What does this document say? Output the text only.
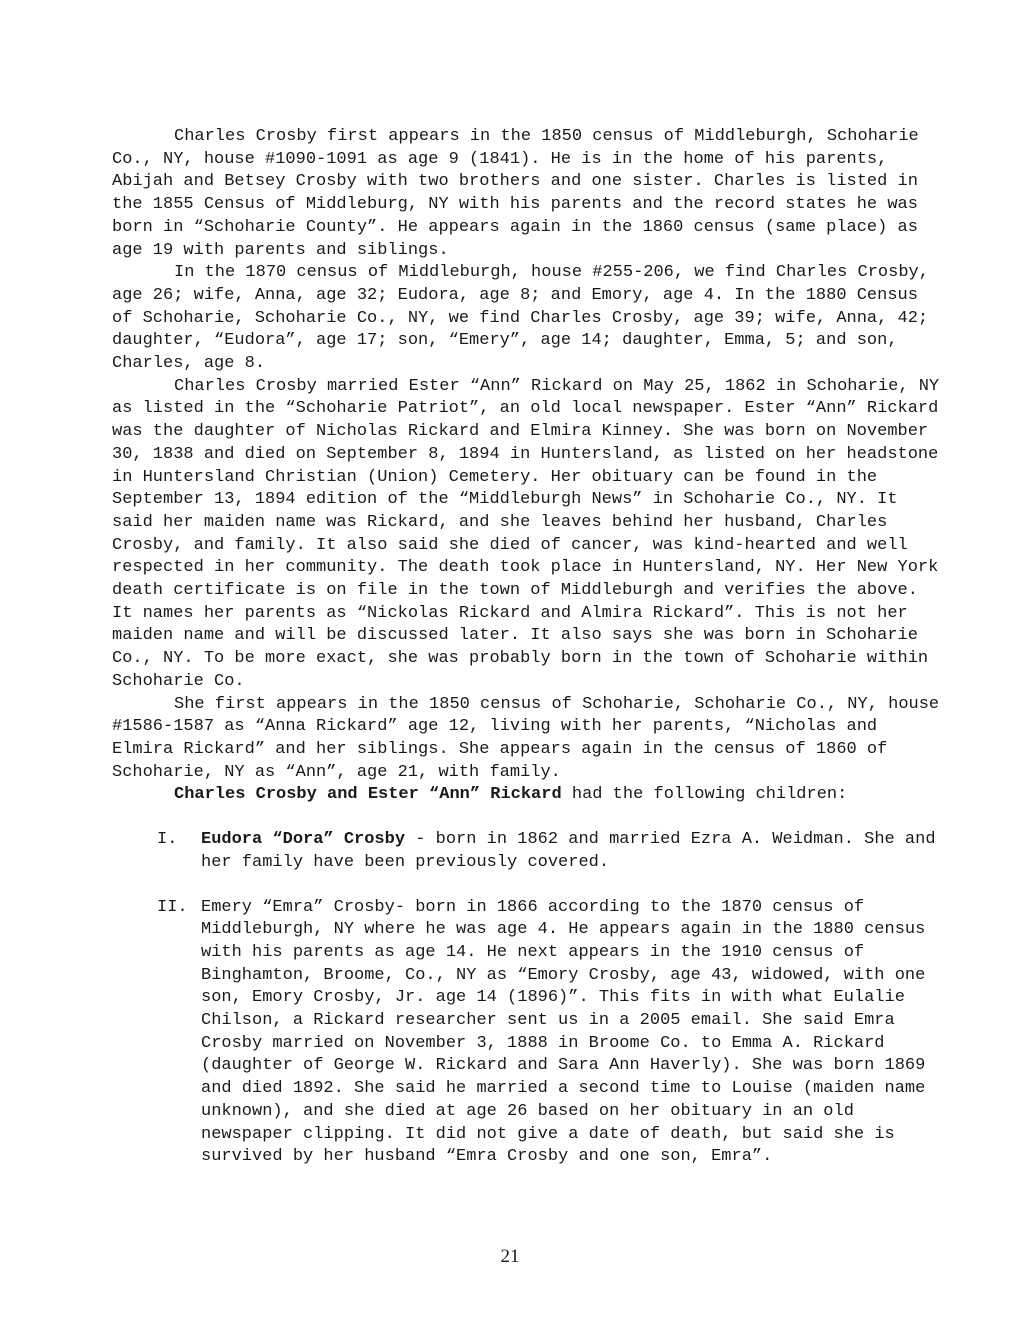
Charles Crosby first appears in the 1850 census of Middleburgh, Schoharie Co., NY, house #1090-1091 as age 9 (1841). He is in the home of his parents, Abijah and Betsey Crosby with two brothers and one sister. Charles is listed in the 1855 Census of Middleburg, NY with his parents and the record states he was born in “Schoharie County”. He appears again in the 1860 census (same place) as age 19 with parents and siblings.

In the 1870 census of Middleburgh, house #255-206, we find Charles Crosby, age 26; wife, Anna, age 32; Eudora, age 8; and Emory, age 4. In the 1880 Census of Schoharie, Schoharie Co., NY, we find Charles Crosby, age 39; wife, Anna, 42; daughter, “Eudora”, age 17; son, “Emery”, age 14; daughter, Emma, 5; and son, Charles, age 8.

Charles Crosby married Ester “Ann” Rickard on May 25, 1862 in Schoharie, NY as listed in the “Schoharie Patriot”, an old local newspaper. Ester “Ann” Rickard was the daughter of Nicholas Rickard and Elmira Kinney. She was born on November 30, 1838 and died on September 8, 1894 in Huntersland, as listed on her headstone in Huntersland Christian (Union) Cemetery. Her obituary can be found in the September 13, 1894 edition of the “Middleburgh News” in Schoharie Co., NY. It said her maiden name was Rickard, and she leaves behind her husband, Charles Crosby, and family. It also said she died of cancer, was kind-hearted and well respected in her community. The death took place in Huntersland, NY. Her New York death certificate is on file in the town of Middleburgh and verifies the above. It names her parents as “Nickolas Rickard and Almira Rickard”. This is not her maiden name and will be discussed later. It also says she was born in Schoharie Co., NY. To be more exact, she was probably born in the town of Schoharie within Schoharie Co.

She first appears in the 1850 census of Schoharie, Schoharie Co., NY, house #1586-1587 as “Anna Rickard” age 12, living with her parents, “Nicholas and Elmira Rickard” and her siblings. She appears again in the census of 1860 of Schoharie, NY as “Ann”, age 21, with family.

Charles Crosby and Ester “Ann” Rickard had the following children:

I. Eudora “Dora” Crosby - born in 1862 and married Ezra A. Weidman. She and her family have been previously covered.
II. Emery “Emra” Crosby- born in 1866 according to the 1870 census of Middleburgh, NY where he was age 4. He appears again in the 1880 census with his parents as age 14. He next appears in the 1910 census of Binghamton, Broome, Co., NY as “Emory Crosby, age 43, widowed, with one son, Emory Crosby, Jr. age 14 (1896)”. This fits in with what Eulalie Chilson, a Rickard researcher sent us in a 2005 email. She said Emra Crosby married on November 3, 1888 in Broome Co. to Emma A. Rickard (daughter of George W. Rickard and Sara Ann Haverly). She was born 1869 and died 1892. She said he married a second time to Louise (maiden name unknown), and she died at age 26 based on her obituary in an old newspaper clipping. It did not give a date of death, but said she is survived by her husband “Emra Crosby and one son, Emra”.
21
